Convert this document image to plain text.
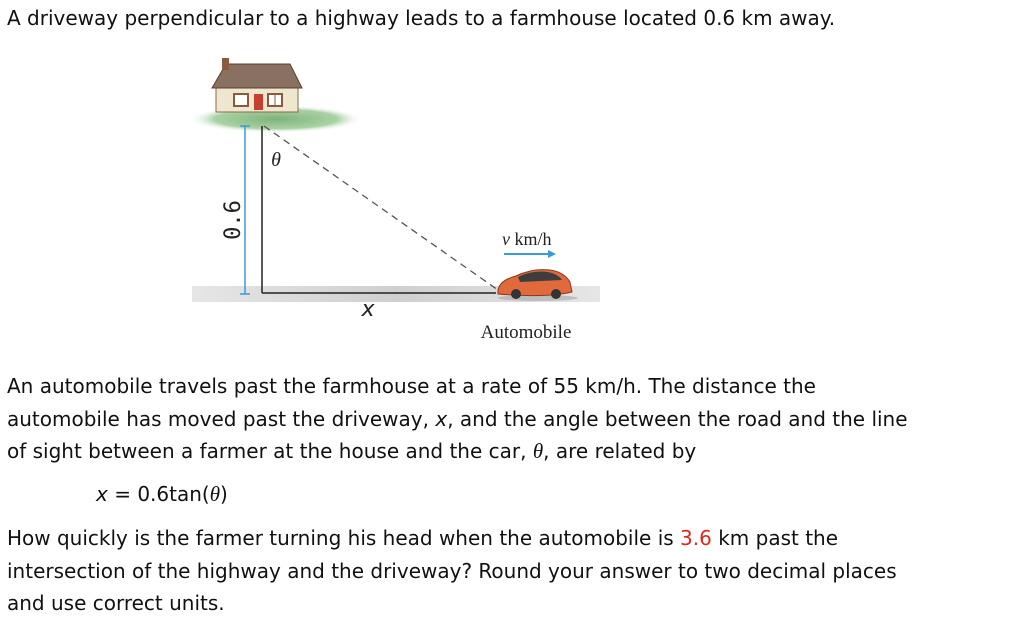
A driveway perpendicular to a highway leads to a farmhouse located 0.6 km away.
0.6
θ
x
v km/h
Automobile
An automobile travels past the farmhouse at a rate of 55 km/h. The distance the
automobile has moved past the driveway, x, and the angle between the road and the line
of sight between a farmer at the house and the car, θ, are related by
x = 0.6tan(θ)
How quickly is the farmer turning his head when the automobile is 3.6 km past the
intersection of the highway and the driveway? Round your answer to two decimal places
and use correct units.
